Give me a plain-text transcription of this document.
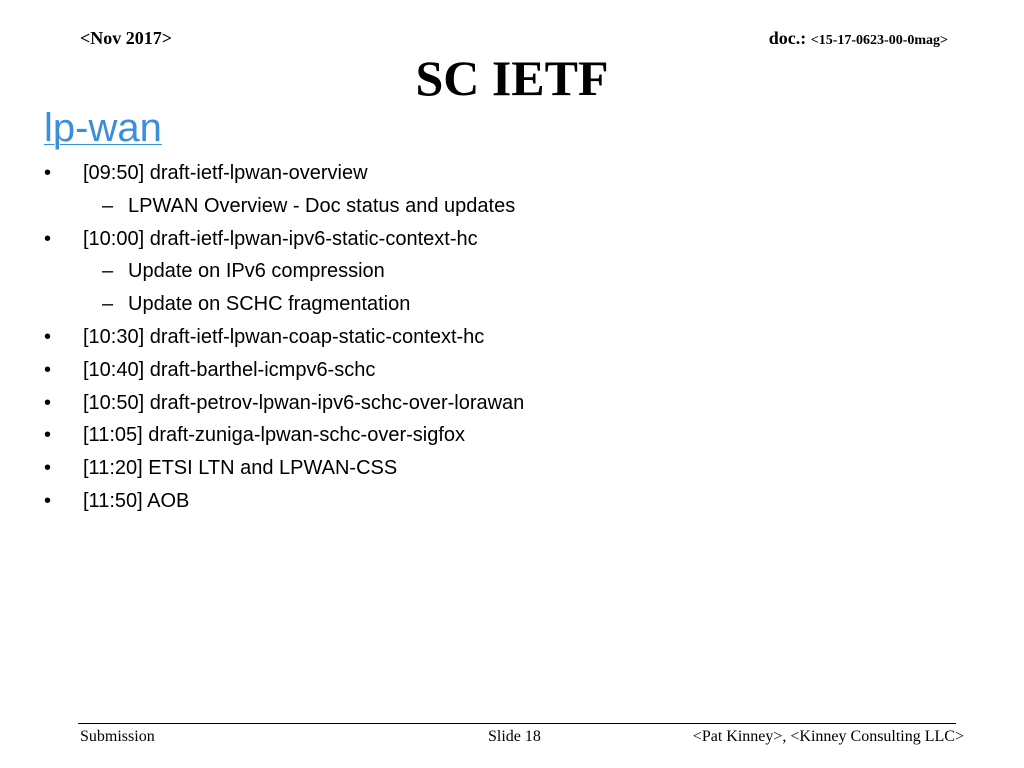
<Nov 2017>	doc.: <15-17-0623-00-0mag>
SC IETF
lp-wan
• [09:50] draft-ietf-lpwan-overview
– LPWAN Overview - Doc status and updates
• [10:00] draft-ietf-lpwan-ipv6-static-context-hc
– Update on IPv6 compression
– Update on SCHC fragmentation
• [10:30] draft-ietf-lpwan-coap-static-context-hc
• [10:40] draft-barthel-icmpv6-schc
• [10:50] draft-petrov-lpwan-ipv6-schc-over-lorawan
• [11:05] draft-zuniga-lpwan-schc-over-sigfox
• [11:20] ETSI LTN and LPWAN-CSS
• [11:50] AOB
Submission	Slide 18	<Pat Kinney>, <Kinney Consulting LLC>
